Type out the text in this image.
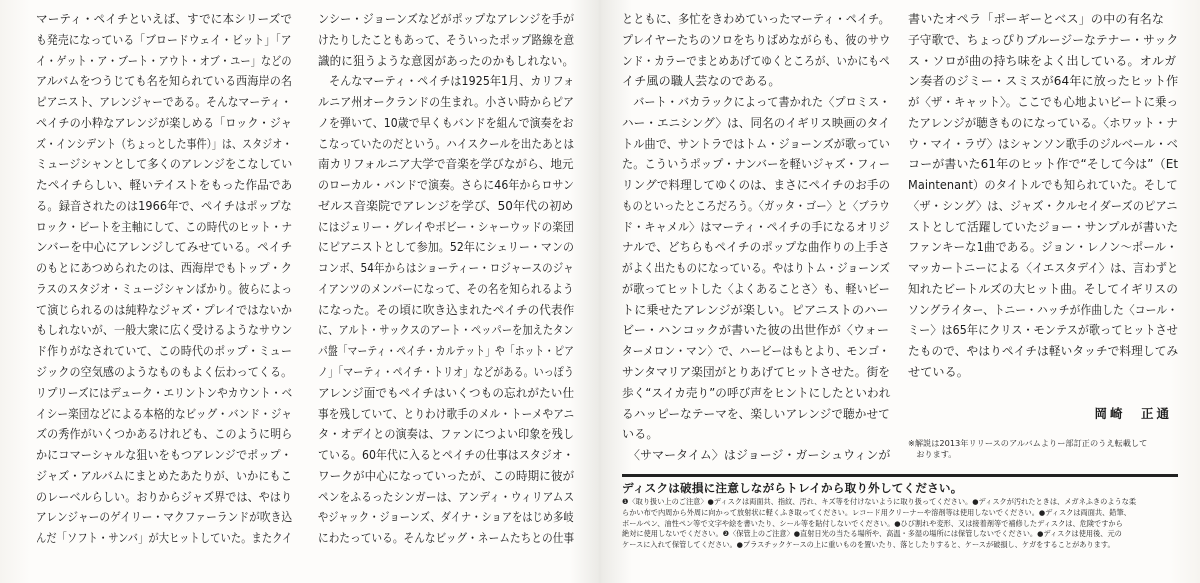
マーティ・ペイチといえば、すでに本シリーズで
も発売になっている「ブロードウェイ・ビット」「ア
イ・ゲット・ア・ブート・アウト・オブ・ユー」などの
アルバムをつうじても名を知られている西海岸の名
ピアニスト、アレンジャーである。そんなマーティ・
ペイチの小粋なアレンジが楽しめる「ロック・ジャ
ズ・インシデント（ちょっとした事件）」は、スタジオ・
ミュージシャンとして多くのアレンジをこなしてい
たペイチらしい、軽いテイストをもった作品であ
る。録音されたのは1966年で、ペイチはポップな
ロック・ビートを主軸にして、この時代のヒット・ナ
ンバーを中心にアレンジしてみせている。ペイチ
のもとにあつめられたのは、西海岸でもトップ・ク
ラスのスタジオ・ミュージシャンばかり。彼らによっ
て演じられるのは純粋なジャズ・プレイではないか
もしれないが、一般大衆に広く受けるようなサウン
ド作りがなされていて、この時代のポップ・ミュー
ジックの空気感のようなものもよく伝わってくる。
リプリーズにはデューク・エリントンやカウント・ベ
イシー楽団などによる本格的なビッグ・バンド・ジャ
ズの秀作がいくつかあるけれども、このように明ら
かにコマーシャルな狙いをもつアレンジでポップ・
ジャズ・アルバムにまとめたあたりが、いかにもこ
のレーベルらしい。おりからジャズ界では、やはり
アレンジャーのゲイリー・マクファーランドが吹き込
んだ「ソフト・サンバ」が大ヒットしていた。またクイ
ンシー・ジョーンズなどがポップなアレンジを手が
けたりしたこともあって、そういったポップ路線を意
識的に狙うような意図があったのかもしれない。
　そんなマーティ・ペイチは1925年1月、カリフォ
ルニア州オークランドの生まれ。小さい時からピア
ノを弾いて、10歳で早くもバンドを組んで演奏をお
こなっていたのだという。ハイスクールを出たあとは
南カリフォルニア大学で音楽を学びながら、地元
のローカル・バンドで演奏。さらに46年からロサン
ゼルス音楽院でアレンジを学び、50年代の初め
にはジェリー・グレイやボビー・シャーウッドの楽団
にピアニストとして参加。52年にシェリー・マンの
コンボ、54年からはショーティー・ロジャースのジャ
イアンツのメンバーになって、その名を知られるよう
になった。その頃に吹き込まれたペイチの代表作
に、アルト・サックスのアート・ペッパーを加えたタン
パ盤「マーティ・ペイチ・カルテット」や「ホット・ピア
ノ」「マーティ・ペイチ・トリオ」などがある。いっぽう
アレンジ面でもペイチはいくつもの忘れがたい仕
事を残していて、とりわけ歌手のメル・トーメやアニ
タ・オデイとの演奏は、ファンにつよい印象を残し
ている。60年代に入るとペイチの仕事はスタジオ・
ワークが中心になっていったが、この時期に彼が
ペンをふるったシンガーは、アンディ・ウィリアムス
やジャック・ジョーンズ、ダイナ・ショアをはじめ多岐
にわたっている。そんなビッグ・ネームたちとの仕事
とともに、多忙をきわめていったマーティ・ペイチ。
プレイヤーたちのソロをちりばめながらも、彼のサウ
ンド・カラーでまとめあげてゆくところが、いかにもペ
イチ風の職人芸なのである。
　バート・バカラックによって書かれた〈プロミス・
ハー・エニシング〉は、同名のイギリス映画のタイ
トル曲で、サントラではトム・ジョーンズが歌ってい
た。こういうポップ・ナンバーを軽いジャズ・フィー
リングで料理してゆくのは、まさにペイチのお手の
ものといったところだろう。〈ガッタ・ゴー〉と〈ブラウ
ド・キャメル〉はマーティ・ペイチの手になるオリジ
ナルで、どちらもペイチのポップな曲作りの上手さ
がよく出たものになっている。やはりトム・ジョーンズ
が歌ってヒットした〈よくあることさ〉も、軽いビー
トに乗せたアレンジが楽しい。ピアニストのハー
ビー・ハンコックが書いた彼の出世作が〈ウォー
ターメロン・マン〉で、ハービーはもとより、モンゴ・
サンタマリア楽団がとりあげてヒットさせた。街を
歩く“スイカ売り”の呼び声をヒントにしたといわれ
るハッピーなテーマを、楽しいアレンジで聴かせて
いる。
　〈サマータイム〉はジョージ・ガーシュウィンが
書いたオペラ「ポーギーとベス」の中の有名な
子守歌で、ちょっぴりブルージーなテナー・サック
ス・ソロが曲の持ち味をよく出している。オルガ
ン奏者のジミー・スミスが64年に放ったヒット作
が〈ザ・キャット〉。ここでも心地よいビートに乗っ
たアレンジが聴きものになっている。〈ホワット・ナ
ウ・マイ・ラヴ〉はシャンソン歌手のジルベール・ベ
コーが書いた61年のヒット作で“そして今は”（Et
Maintenant）のタイトルでも知られていた。そして
〈ザ・シング〉は、ジャズ・クルセイダーズのピアニ
ストとして活躍していたジョー・サンプルが書いた
ファンキーな1曲である。ジョン・レノン～ポール・
マッカートニーによる〈イエスタデイ〉は、言わずと
知れたビートルズの大ヒット曲。そしてイギリスの
ソングライター、トニー・ハッチが作曲した〈コール・
ミー〉は65年にクリス・モンテスが歌ってヒットさせ
たもので、やはりペイチは軽いタッチで料理してみ
せている。
岡崎　正通
※解説は2013年リリースのアルバムよりー部訂正のうえ転載して
　おります。
ディスクは破損に注意しながらトレイから取り外してください。
❶〈取り扱い上のご注意〉●ディスクは両面共、指紋、汚れ、キズ等を付けないように取り扱ってください。●ディスクが汚れたときは、メガネふきのような柔
らかい布で内周から外周に向かって放射状に軽くふき取ってください。レコード用クリーナーや溶剤等は使用しないでください。●ディスクは両面共、鉛筆、
ボールペン、油性ペン等で文字や絵を書いたり、シール等を貼付しないでください。●ひび割れや変形、又は接着剤等で補修したディスクは、危険ですから
絶対に使用しないでください。❷〈保管上のご注意〉●直射日光の当たる場所や、高温・多湿の場所には保管しないでください。●ディスクは使用後、元の
ケースに入れて保管してください。●プラスチックケースの上に重いものを置いたり、落としたりすると、ケースが破損し、ケガをすることがあります。
